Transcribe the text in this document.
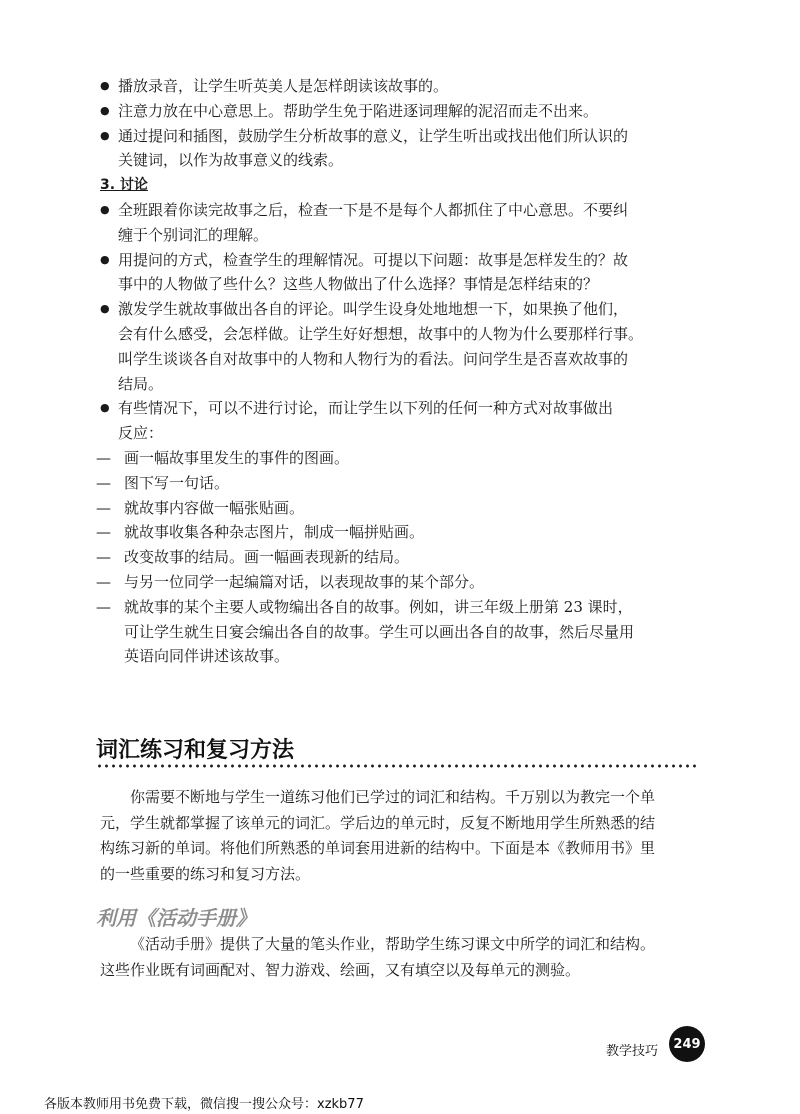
● 播放录音，让学生听英美人是怎样朗读该故事的。
● 注意力放在中心意思上。帮助学生免于陷进逐词理解的泥沼而走不出来。
● 通过提问和插图，鼓励学生分析故事的意义，让学生听出或找出他们所认识的
关键词，以作为故事意义的线索。
3. 讨论
● 全班跟着你读完故事之后，检查一下是不是每个人都抓住了中心意思。不要纠
缠于个别词汇的理解。
● 用提问的方式，检查学生的理解情况。可提以下问题：故事是怎样发生的？故
事中的人物做了些什么？这些人物做出了什么选择？事情是怎样结束的？
● 激发学生就故事做出各自的评论。叫学生设身处地地想一下，如果换了他们，
会有什么感受，会怎样做。让学生好好想想，故事中的人物为什么要那样行事。
叫学生谈谈各自对故事中的人物和人物行为的看法。问问学生是否喜欢故事的
结局。
● 有些情况下，可以不进行讨论，而让学生以下列的任何一种方式对故事做出
反应：
— 画一幅故事里发生的事件的图画。
— 图下写一句话。
— 就故事内容做一幅张贴画。
— 就故事收集各种杂志图片，制成一幅拼贴画。
— 改变故事的结局。画一幅画表现新的结局。
— 与另一位同学一起编篇对话，以表现故事的某个部分。
— 就故事的某个主要人或物编出各自的故事。例如，讲三年级上册第 23 课时，
可让学生就生日宴会编出各自的故事。学生可以画出各自的故事，然后尽量用
英语向同伴讲述该故事。
词汇练习和复习方法
你需要不断地与学生一道练习他们已学过的词汇和结构。千万别以为教完一个单
元，学生就都掌握了该单元的词汇。学后边的单元时，反复不断地用学生所熟悉的结
构练习新的单词。将他们所熟悉的单词套用进新的结构中。下面是本《教师用书》里
的一些重要的练习和复习方法。
利用《活动手册》
《活动手册》提供了大量的笔头作业，帮助学生练习课文中所学的词汇和结构。
这些作业既有词画配对、智力游戏、绘画，又有填空以及每单元的测验。
教学技巧	249
各版本教师用书免费下载，微信搜一搜公众号：xzkb77
